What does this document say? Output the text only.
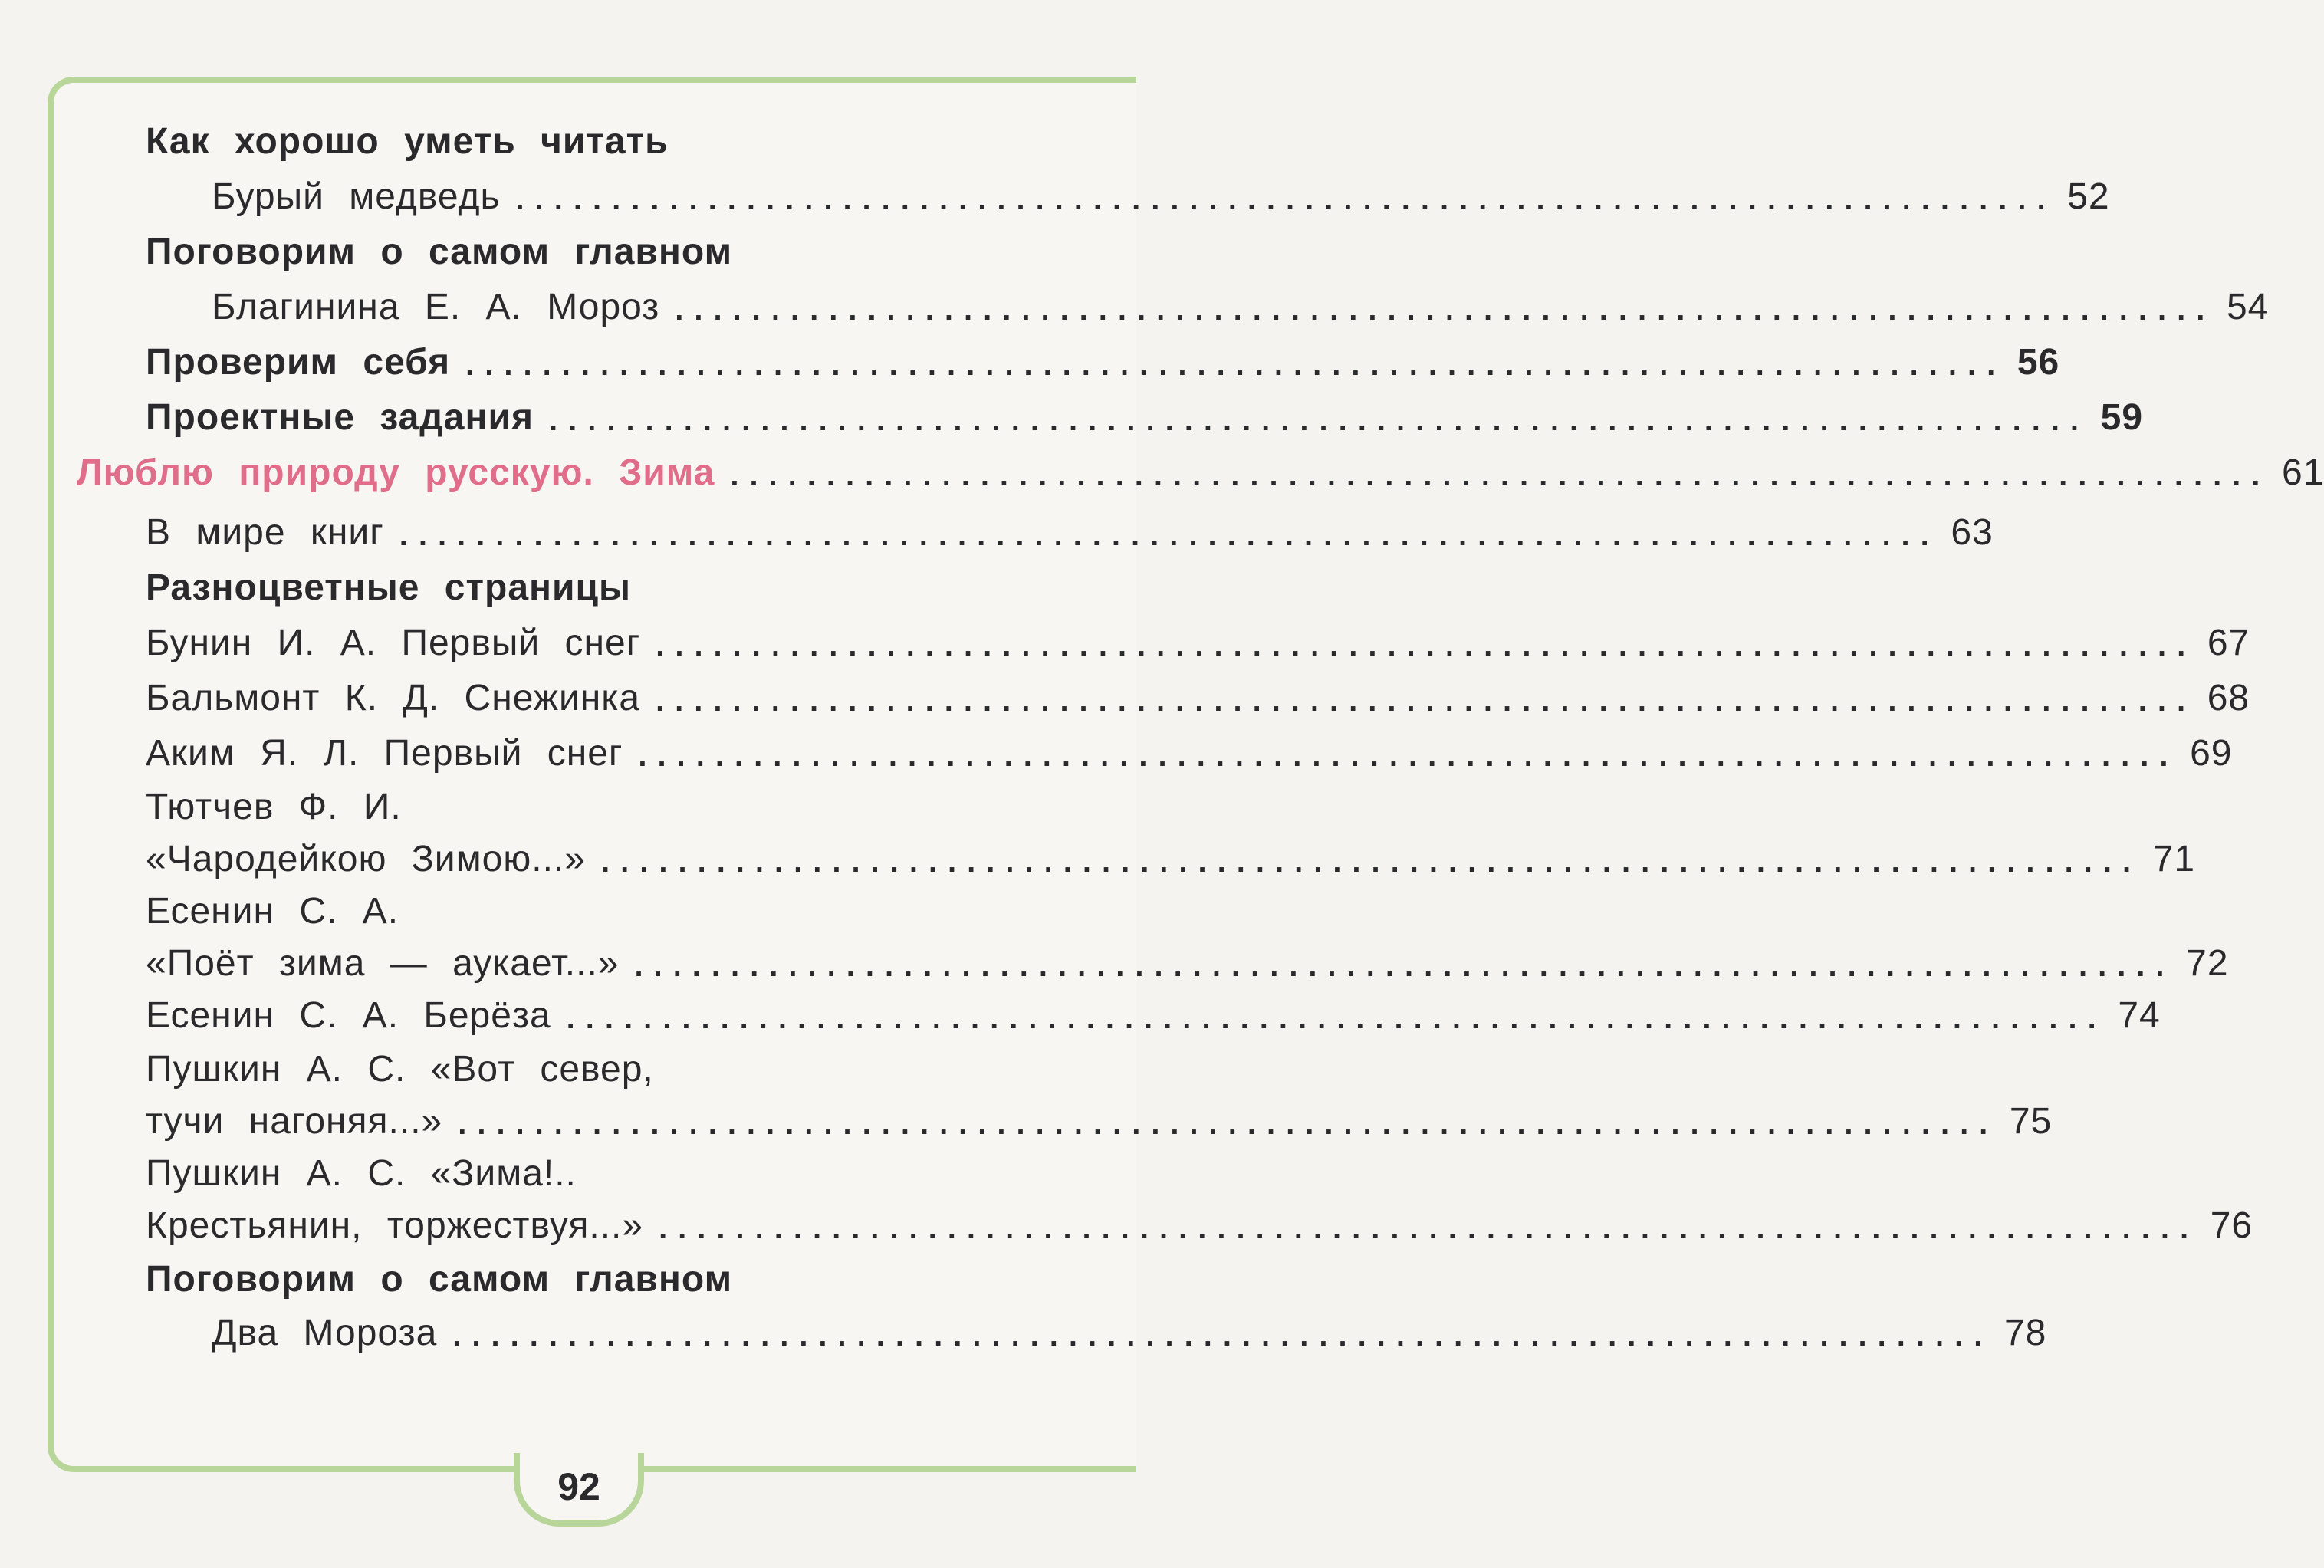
Как хорошо уметь читать
Бурый медведь ................................................................................ 52
Поговорим о самом главном
Благинина Е. А. Мороз ................................................................................ 54
Проверим себя ................................................................................ 56
Проектные задания ................................................................................ 59
Люблю природу русскую. Зима ................................................................................ 61
В мире книг ................................................................................ 63
Разноцветные страницы
Бунин И. А. Первый снег ................................................................................ 67
Бальмонт К. Д. Снежинка ................................................................................ 68
Аким Я. Л. Первый снег ................................................................................ 69
Тютчев Ф. И.
«Чародейкою Зимою...» ................................................................................ 71
Есенин С. А.
«Поёт зима — аукает...» ................................................................................ 72
Есенин С. А. Берёза ................................................................................ 74
Пушкин А. С. «Вот север,
тучи нагоняя...» ................................................................................ 75
Пушкин А. С. «Зима!..
Крестьянин, торжествуя...» ................................................................................ 76
Поговорим о самом главном
Два Мороза ................................................................................ 78
92
